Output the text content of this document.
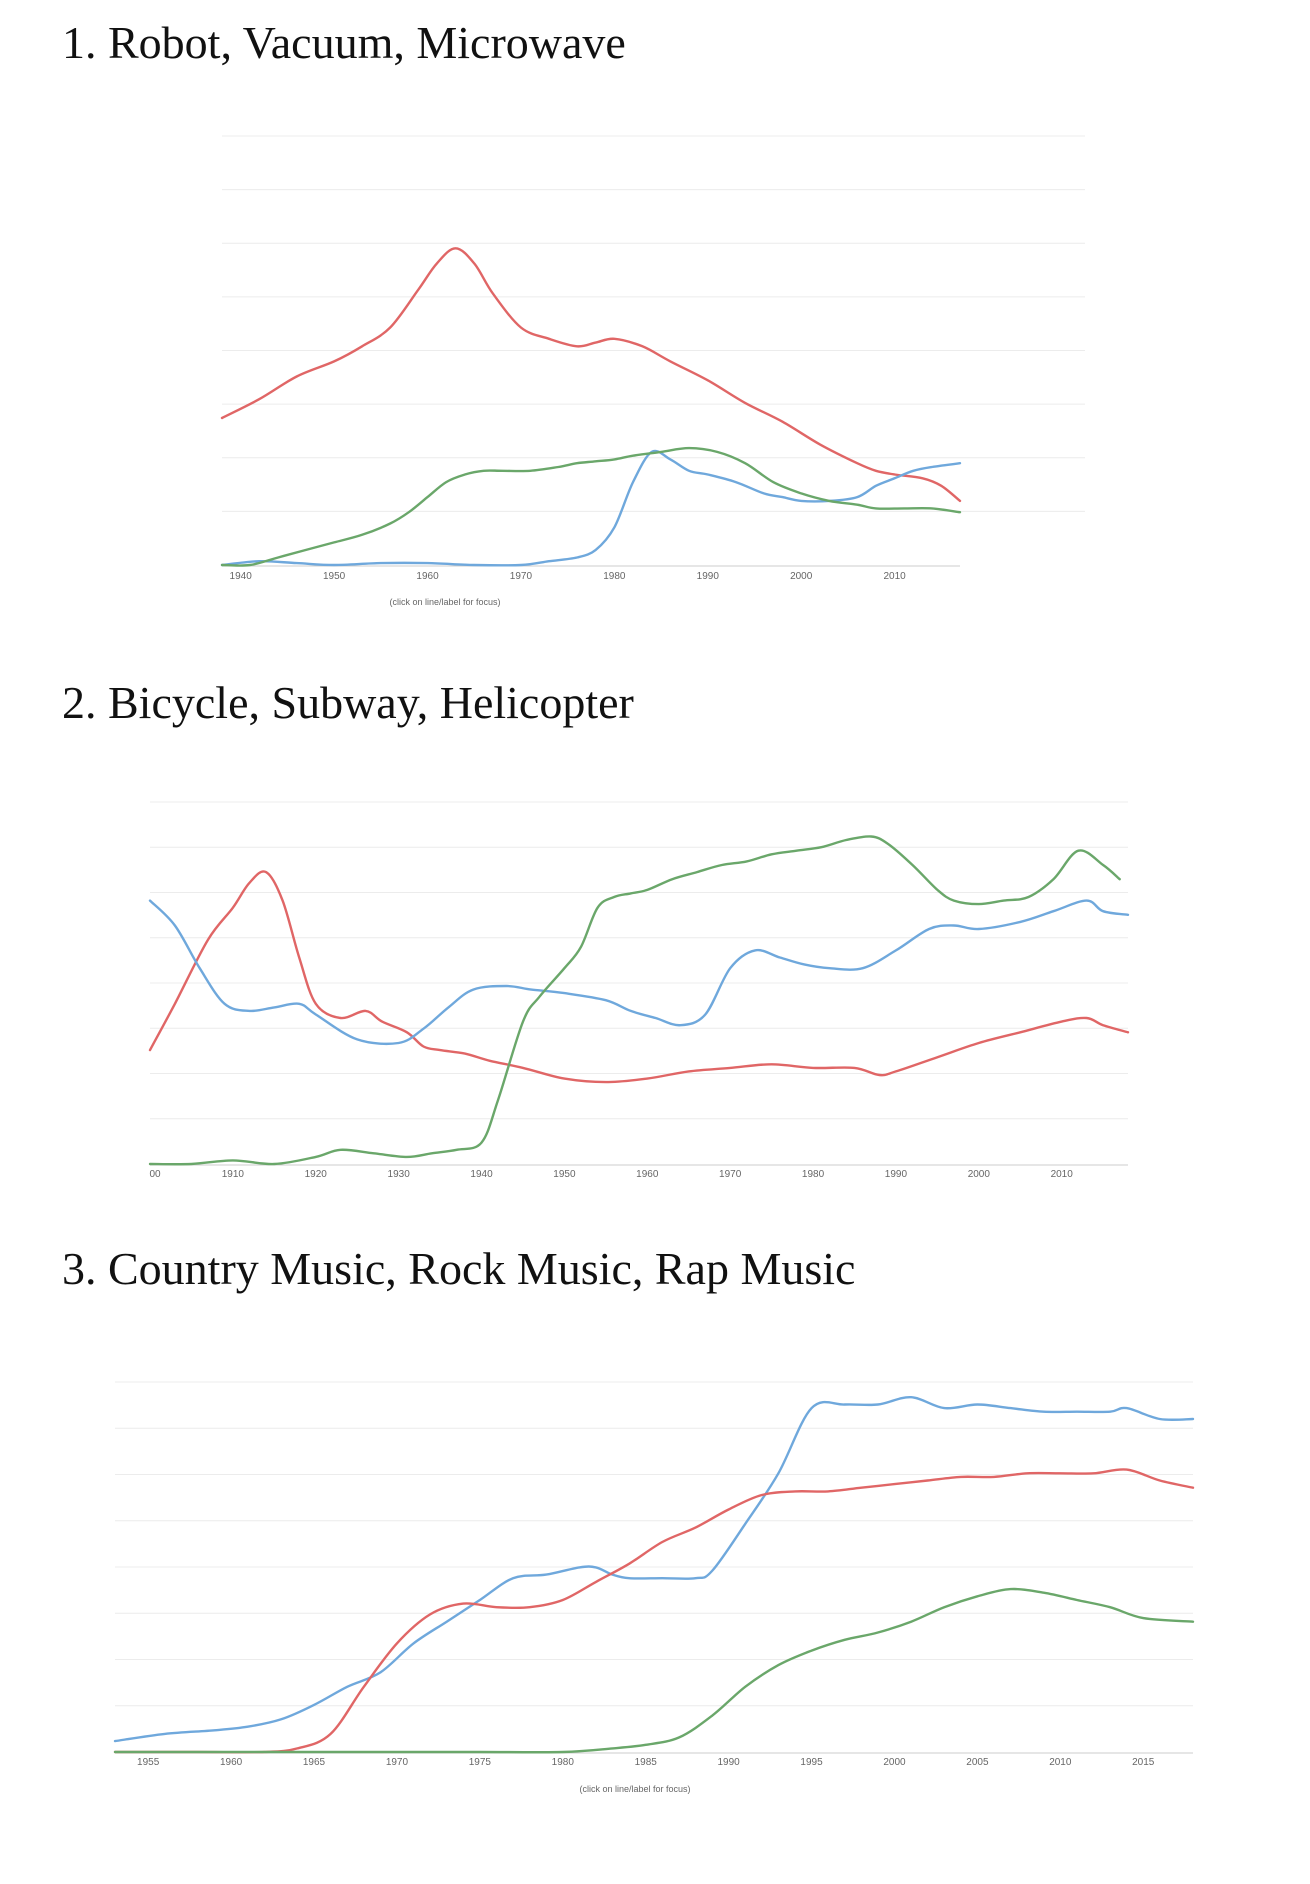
1. Robot, Vacuum, Microwave
1940	1950	1960	1970	1980	1990	2000	2010
(click on line/label for focus)
2. Bicycle, Subway, Helicopter
1910	1920	1930	1940	1950	1960	1970	1980	1990	2000	2010
00
3. Country Music, Rock Music, Rap Music
1955	1960	1965	1970	1975	1980	1985	1990	1995	2000	2005	2010	2015
(click on line/label for focus)
